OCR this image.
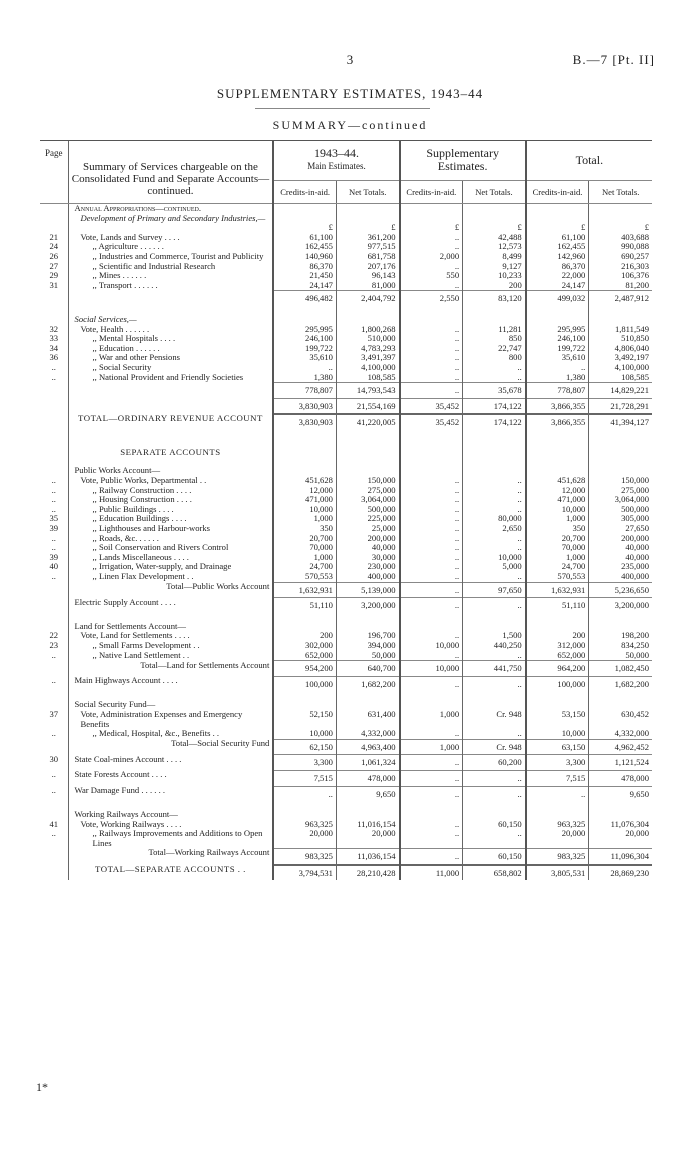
3	B.—7 [Pt. II]
SUPPLEMENTARY ESTIMATES, 1943–44
SUMMARY—continued
Page	Summary of Services chargeable on the Consolidated Fund and Separate Accounts—continued.	1943–44.
Main Estimates.		Supplementary Estimates.		Total.	
		Credits-in-aid.	Net Totals.	Credits-in-aid.	Net Totals.	Credits-in-aid.	Net Totals.
	Annual Appropriations—continued.						
	Development of Primary and Secondary Industries,—						
		£	£	£	£	£	£
21	Vote, Lands and Survey . . . .	61,100	361,200	..	42,488	61,100	403,688
24	,, Agriculture . . . . . .	162,455	977,515	..	12,573	162,455	990,088
26	,, Industries and Commerce, Tourist and Publicity	140,960	681,758	2,000	8,499	142,960	690,257
27	,, Scientific and Industrial Research	86,370	207,176	..	9,127	86,370	216,303
29	,, Mines . . . . . .	21,450	96,143	550	10,233	22,000	106,376
31	,, Transport . . . . . .	24,147	81,000	..	200	24,147	81,200
		496,482	2,404,792	2,550	83,120	499,032	2,487,912

	Social Services,—						
32	Vote, Health . . . . . .	295,995	1,800,268	..	11,281	295,995	1,811,549
33	,, Mental Hospitals . . . .	246,100	510,000	..	850	246,100	510,850
34	,, Education . . . . . .	199,722	4,783,293	..	22,747	199,722	4,806,040
36	,, War and other Pensions	35,610	3,491,397	..	800	35,610	3,492,197
..	,, Social Security	..	4,100,000	..	..	..	4,100,000
..	,, National Provident and Friendly Societies	1,380	108,585	..	..	1,380	108,585
		778,807	14,793,543	..	35,678	778,807	14,829,221
		3,830,903	21,554,169	35,452	174,122	3,866,355	21,728,291
	TOTAL—ORDINARY REVENUE ACCOUNT	3,830,903	41,220,005	35,452	174,122	3,866,355	41,394,127

	SEPARATE ACCOUNTS						

	Public Works Account—						
..	Vote, Public Works, Departmental . .	451,628	150,000	..	..	451,628	150,000
..	,, Railway Construction . . . .	12,000	275,000	..	..	12,000	275,000
..	,, Housing Construction . . . .	471,000	3,064,000	..	..	471,000	3,064,000
..	,, Public Buildings . . . .	10,000	500,000	..	..	10,000	500,000
35	,, Education Buildings . . . .	1,000	225,000	..	80,000	1,000	305,000
39	,, Lighthouses and Harbour-works	350	25,000	..	2,650	350	27,650
..	,, Roads, &c. . . . . .	20,700	200,000	..	..	20,700	200,000
..	,, Soil Conservation and Rivers Control	70,000	40,000	..	..	70,000	40,000
39	,, Lands Miscellaneous . . . .	1,000	30,000	..	10,000	1,000	40,000
40	,, Irrigation, Water-supply, and Drainage	24,700	230,000	..	5,000	24,700	235,000
..	,, Linen Flax Development . .	570,553	400,000	..	..	570,553	400,000
	Total—Public Works Account	1,632,931	5,139,000	..	97,650	1,632,931	5,236,650
	Electric Supply Account . . . .	51,110	3,200,000	..	..	51,110	3,200,000

	Land for Settlements Account—						
22	Vote, Land for Settlements . . . .	200	196,700	..	1,500	200	198,200
23	,, Small Farms Development . .	302,000	394,000	10,000	440,250	312,000	834,250
..	,, Native Land Settlement . .	652,000	50,000	..	..	652,000	50,000
	Total—Land for Settlements Account	954,200	640,700	10,000	441,750	964,200	1,082,450
..	Main Highways Account . . . .	100,000	1,682,200	..	..	100,000	1,682,200

	Social Security Fund—						
37	Vote, Administration Expenses and Emergency Benefits	52,150	631,400	1,000	Cr. 948	53,150	630,452
..	,, Medical, Hospital, &c., Benefits . .	10,000	4,332,000	..	..	10,000	4,332,000
	Total—Social Security Fund	62,150	4,963,400	1,000	Cr. 948	63,150	4,962,452
30	State Coal-mines Account . . . .	3,300	1,061,324	..	60,200	3,300	1,121,524
..	State Forests Account . . . .	7,515	478,000	..	..	7,515	478,000
..	War Damage Fund . . . . . .	..	9,650	..	..	..	9,650

	Working Railways Account—						
41	Vote, Working Railways . . . .	963,325	11,016,154	..	60,150	963,325	11,076,304
..	,, Railways Improvements and Additions to Open Lines	20,000	20,000	..	..	20,000	20,000
	Total—Working Railways Account	983,325	11,036,154	..	60,150	983,325	11,096,304
	TOTAL—SEPARATE ACCOUNTS . .	3,794,531	28,210,428	11,000	658,802	3,805,531	28,869,230
1*
